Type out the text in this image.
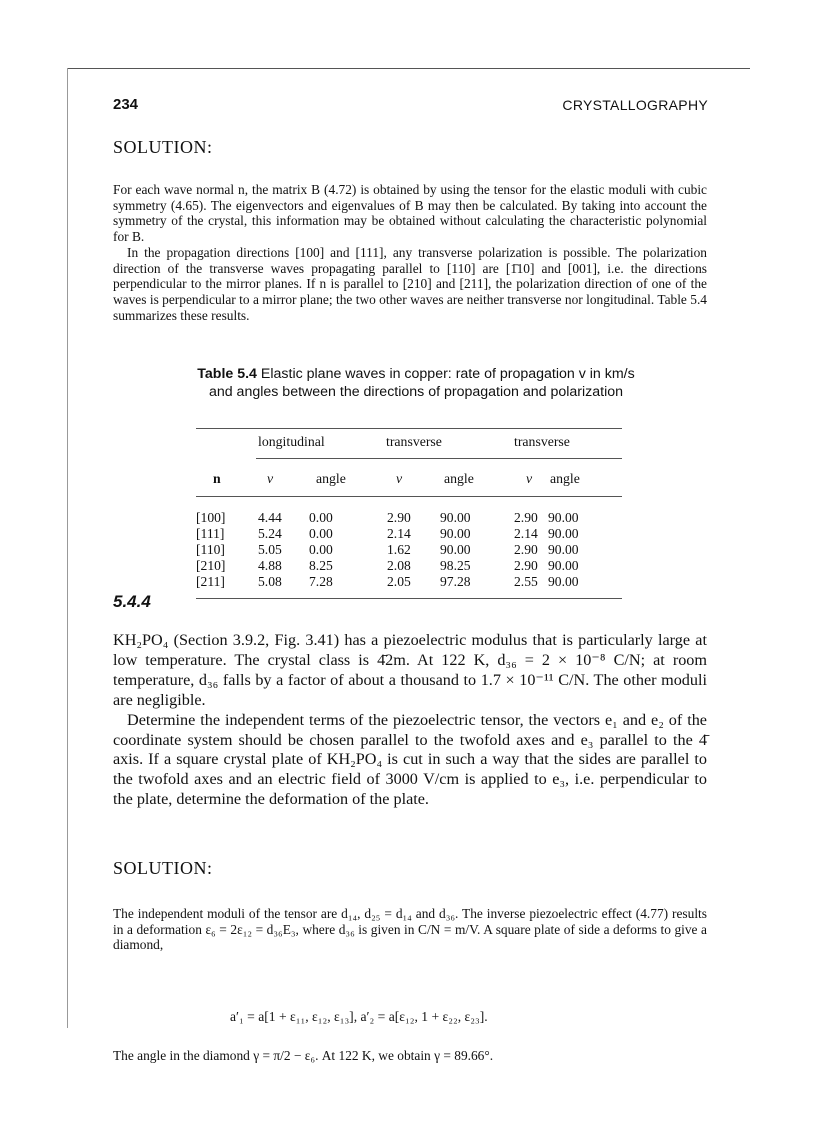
234	CRYSTALLOGRAPHY
SOLUTION:

For each wave normal n, the matrix B (4.72) is obtained by using the tensor for the elastic moduli with cubic symmetry (4.65). The eigenvectors and eigenvalues of B may then be calculated. By taking into account the symmetry of the crystal, this information may be obtained without calculating the characteristic polynomial for B.

In the propagation directions [100] and [111], any transverse polarization is possible. The polarization direction of the transverse waves propagating parallel to [110] are [1̄10] and [001], i.e. the directions perpendicular to the mirror planes. If n is parallel to [210] and [211], the polarization direction of one of the waves is perpendicular to a mirror plane; the two other waves are neither transverse nor longitudinal. Table 5.4 summarizes these results.

Table 5.4 Elastic plane waves in copper: rate of propagation v in km/s and angles between the directions of propagation and polarization
longitudinal	transverse	transverse
n	v	angle	v	angle	v angle
[100] 4.44 0.00	2.90 90.00	2.90 90.00
[111] 5.24 0.00	2.14 90.00	2.14 90.00
[110] 5.05 0.00	1.62 90.00	2.90 90.00
[210] 4.88 8.25	2.08 98.25	2.90 90.00
[211] 5.08 7.28	2.05 97.28	2.55 90.00
5.4.4

KH₂PO₄ (Section 3.9.2, Fig. 3.41) has a piezoelectric modulus that is particularly large at low temperature. The crystal class is 4̄2m. At 122 K, d₃₆ = 2 × 10⁻⁸ C/N; at room temperature, d₃₆ falls by a factor of about a thousand to 1.7 × 10⁻¹¹ C/N. The other moduli are negligible.

Determine the independent terms of the piezoelectric tensor, the vectors e₁ and e₂ of the coordinate system should be chosen parallel to the twofold axes and e₃ parallel to the 4̄ axis. If a square crystal plate of KH₂PO₄ is cut in such a way that the sides are parallel to the twofold axes and an electric field of 3000 V/cm is applied to e₃, i.e. perpendicular to the plate, determine the deformation of the plate.

SOLUTION:

The independent moduli of the tensor are d₁₄, d₂₅ = d₁₄ and d₃₆. The inverse piezoelectric effect (4.77) results in a deformation ε₆ = 2ε₁₂ = d₃₆E₃, where d₃₆ is given in C/N = m/V. A square plate of side a deforms to give a diamond,

a′₁ = a[1 + ε₁₁, ε₁₂, ε₁₃], a′₂ = a[ε₁₂, 1 + ε₂₂, ε₂₃].

The angle in the diamond γ = π/2 − ε₆. At 122 K, we obtain γ = 89.66°.
